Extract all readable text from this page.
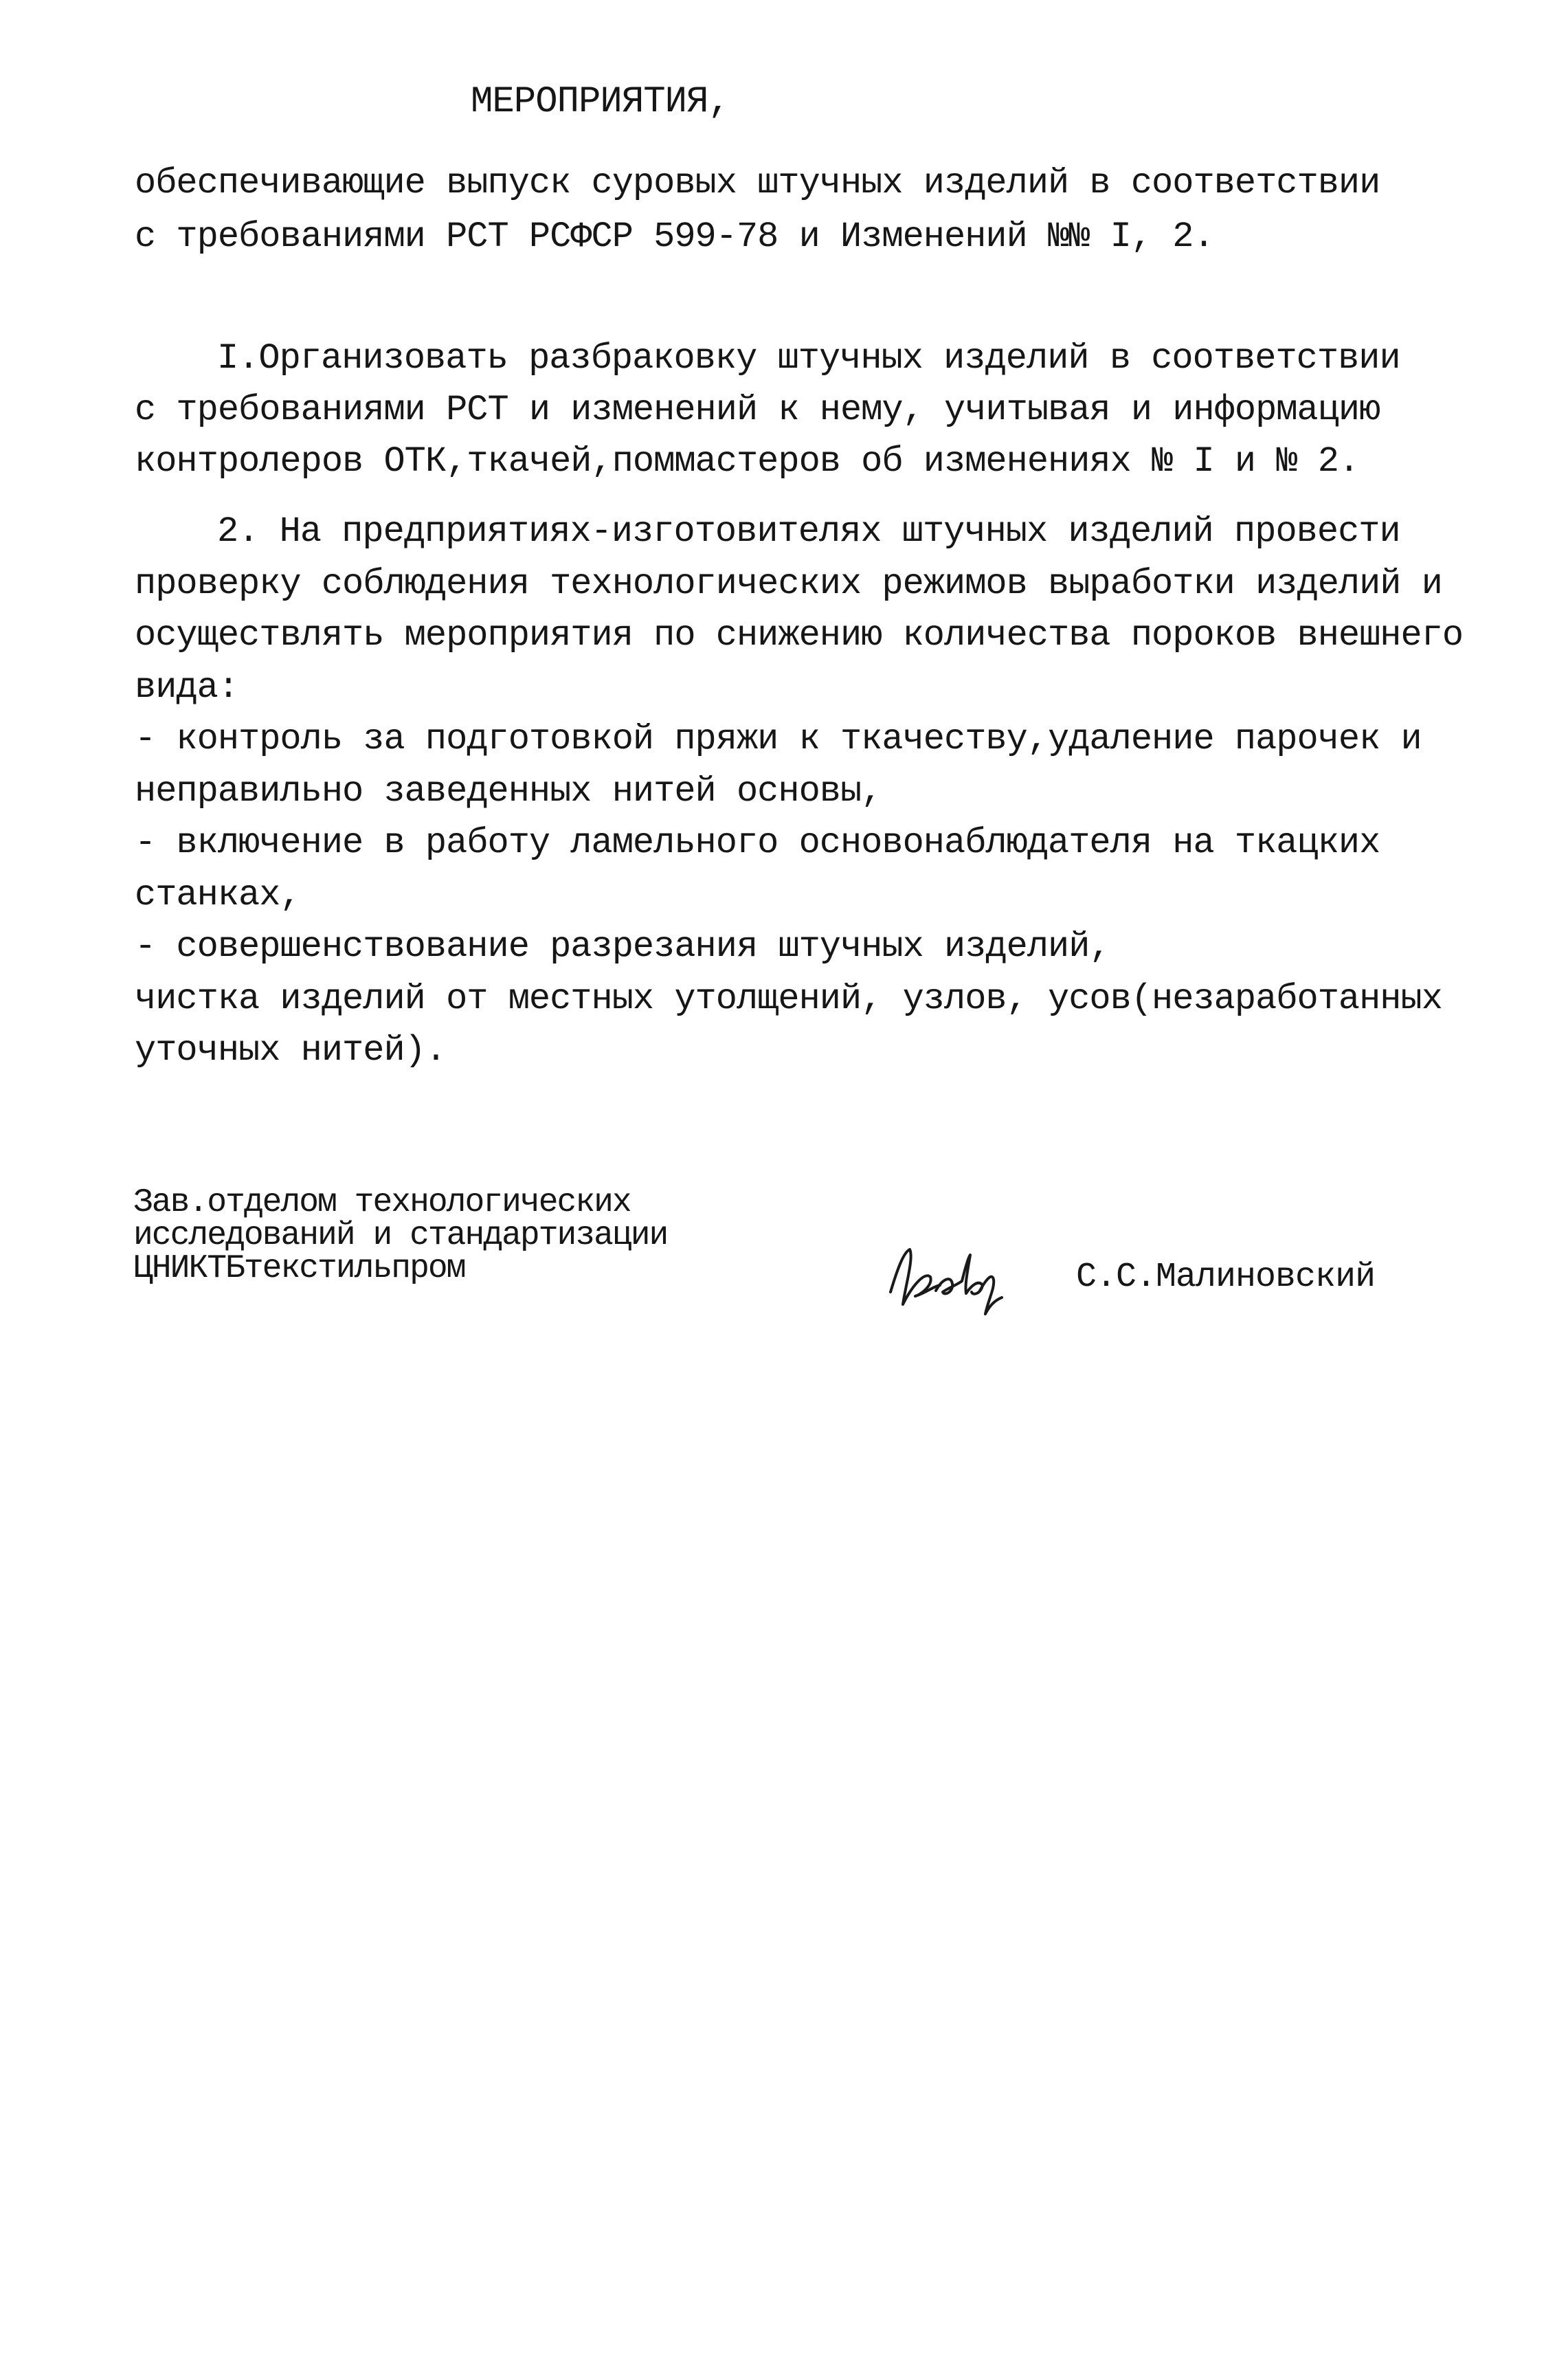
МЕРОПРИЯТИЯ,
обеспечивающие выпуск суровых штучных изделий в соответствии
с требованиями РСТ РСФСР 599-78 и Изменений №№ I, 2.
I.Организовать разбраковку штучных изделий в соответствии
с требованиями РСТ и изменений к нему, учитывая и информацию
контролеров ОТК,ткачей,поммастеров об изменениях № I и № 2.
2. На предприятиях-изготовителях штучных изделий провести
проверку соблюдения технологических режимов выработки изделий и
осуществлять мероприятия по снижению количества пороков внешнего
вида:
- контроль за подготовкой пряжи к ткачеству,удаление парочек и
неправильно заведенных нитей основы,
- включение в работу ламельного основонаблюдателя на ткацких
станках,
- совершенствование разрезания штучных изделий,
чистка изделий от местных утолщений, узлов, усов(незаработанных
уточных нитей).
Зав.отделом технологических
исследований и стандартизации
ЦНИКТБтекстильпром	С.С.Малиновский
